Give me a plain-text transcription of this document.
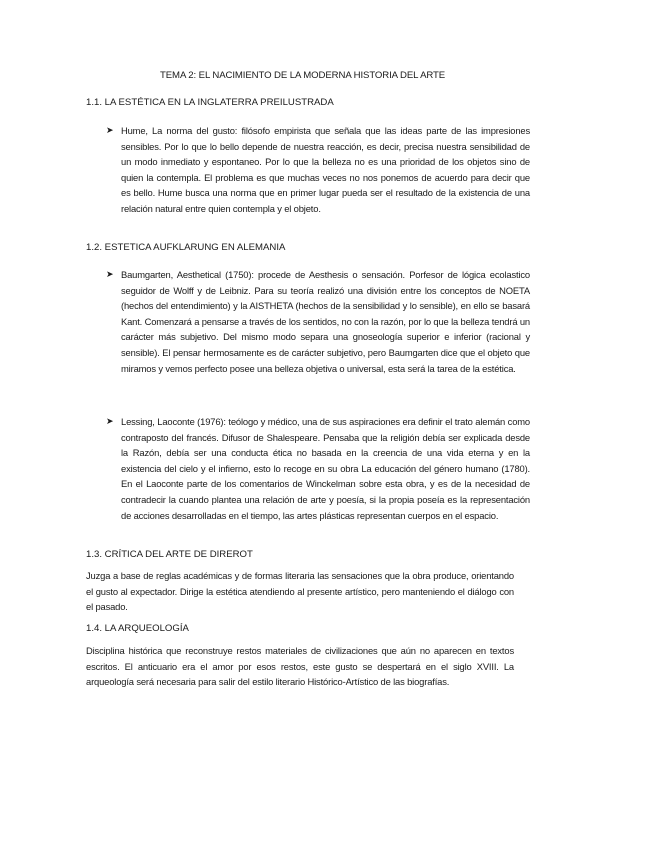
TEMA 2: EL NACIMIENTO DE LA MODERNA HISTORIA DEL ARTE
1.1. LA ESTÉTICA EN LA INGLATERRA PREILUSTRADA
➤ Hume, La norma del gusto: filósofo empirista que señala que las ideas parte de las impresiones sensibles. Por lo que lo bello depende de nuestra reacción, es decir, precisa nuestra sensibilidad de un modo inmediato y espontaneo. Por lo que la belleza no es una prioridad de los objetos sino de quien la contempla. El problema es que muchas veces no nos ponemos de acuerdo para decir que es bello. Hume busca una norma que en primer lugar pueda ser el resultado de la existencia de una relación natural entre quien contempla y el objeto.
1.2. ESTETICA AUFKLARUNG EN ALEMANIA
➤ Baumgarten, Aesthetical (1750): procede de Aesthesis o sensación. Porfesor de lógica ecolastico seguidor de Wolff y de Leibniz. Para su teoría realizó una división entre los conceptos de NOETA (hechos del entendimiento) y la AISTHETA (hechos de la sensibilidad y lo sensible), en ello se basará Kant. Comenzará a pensarse a través de los sentidos, no con la razón, por lo que la belleza tendrá un carácter más subjetivo. Del mismo modo separa una gnoseología superior e inferior (racional y sensible). El pensar hermosamente es de carácter subjetivo, pero Baumgarten dice que el objeto que miramos y vemos perfecto posee una belleza objetiva o universal, esta será la tarea de la estética.
➤ Lessing, Laoconte (1976): teólogo y médico, una de sus aspiraciones era definir el trato alemán como contraposto del francés. Difusor de Shalespeare. Pensaba que la religión debía ser explicada desde la Razón, debía ser una conducta ética no basada en la creencia de una vida eterna y en la existencia del cielo y el infierno, esto lo recoge en su obra La educación del género humano (1780). En el Laoconte parte de los comentarios de Winckelman sobre esta obra, y es de la necesidad de contradecir la cuando plantea una relación de arte y poesía, si la propia poseía es la representación de acciones desarrolladas en el tiempo, las artes plásticas representan cuerpos en el espacio.
1.3. CRÍTICA DEL ARTE DE DIREROT
Juzga a base de reglas académicas y de formas literaria las sensaciones que la obra produce, orientando el gusto al expectador. Dirige la estética atendiendo al presente artístico, pero manteniendo el diálogo con el pasado.
1.4. LA ARQUEOLOGÍA
Disciplina histórica que reconstruye restos materiales de civilizaciones que aún no aparecen en textos escritos. El anticuario era el amor por esos restos, este gusto se despertará en el siglo XVIII. La arqueología será necesaria para salir del estilo literario Histórico-Artístico de las biografías.
